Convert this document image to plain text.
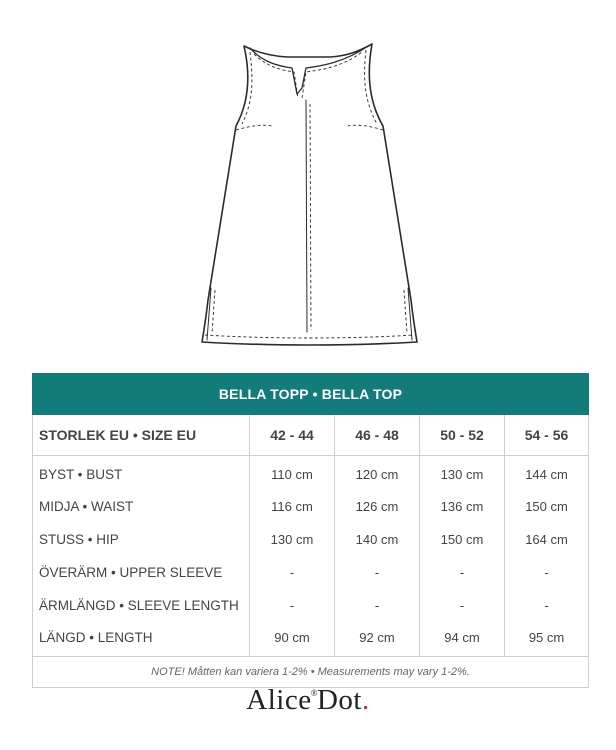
BELLA TOPP • BELLA TOP				
STORLEK EU • SIZE EU	42 - 44	46 - 48	50 - 52	54 - 56
BYST • BUST	110 cm	120 cm	130 cm	144 cm
MIDJA • WAIST	116 cm	126 cm	136 cm	150 cm
STUSS • HIP	130 cm	140 cm	150 cm	164 cm
ÖVERÄRM • UPPER SLEEVE	-	-	-	-
ÄRMLÄNGD • SLEEVE LENGTH	-	-	-	-
LÄNGD • LENGTH	90 cm	92 cm	94 cm	95 cm
NOTE! Måtten kan variera 1-2% • Measurements may vary 1-2%.				
Alice®Dot.
